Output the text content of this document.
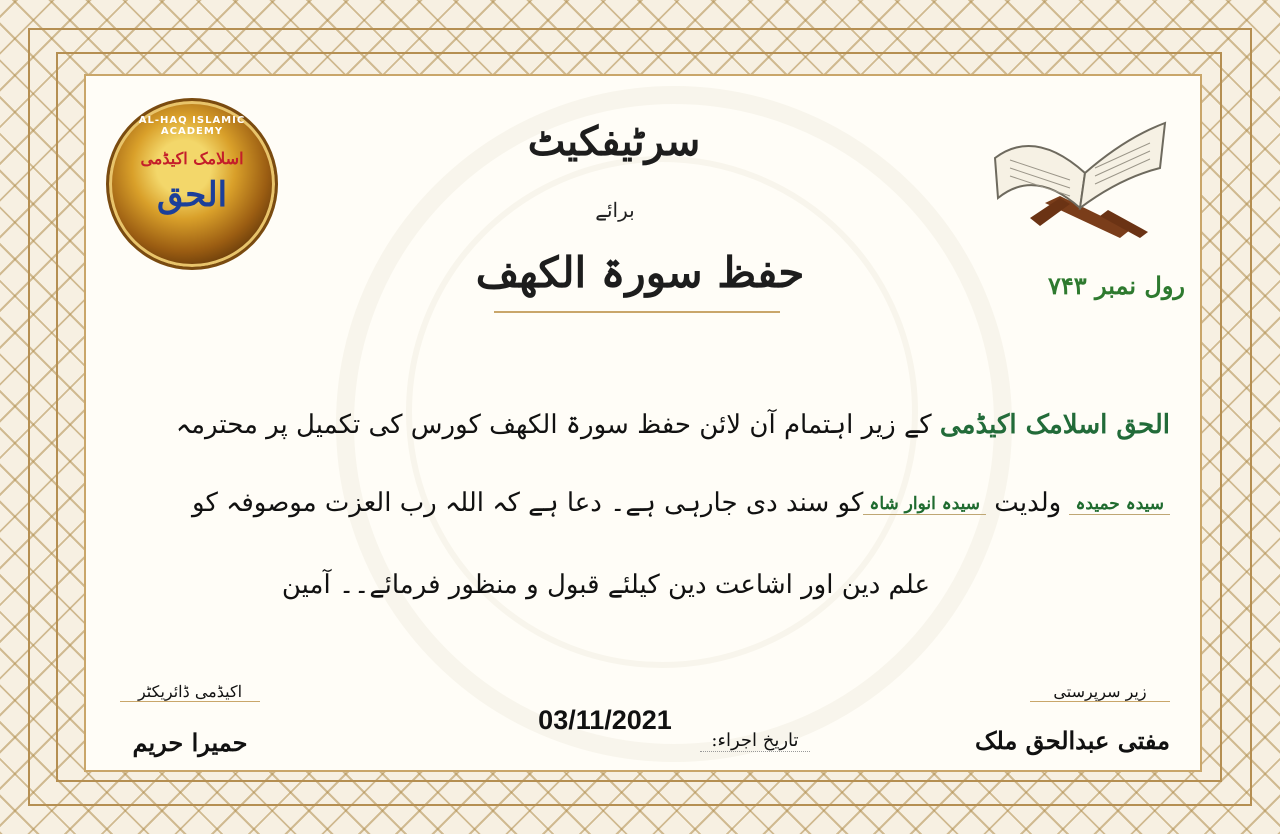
AL-HAQ ISLAMIC ACADEMY
اسلامک اکیڈمی
الحق
سرٹیفکیٹ
برائے
حفظ سورۃ الکھف	رول نمبر ۷۴۳
الحق اسلامک اکیڈمی کے زیر اہتمام آن لائن حفظ سورۃ الکھف کورس کی تکمیل پر محترمہ
سیدہ حمیدہ ولدیت سیدہ انوار شاہکو سند دی جارہی ہے۔ دعا ہے کہ اللہ رب العزت موصوفہ کو
علم دین اور اشاعت دین کیلئے قبول و منظور فرمائے۔۔ آمین
اکیڈمی ڈائریکٹر
حمیرا حریم
زیر سرپرستی
مفتی عبدالحق ملک
03/11/2021
تاریخ اجراء:
